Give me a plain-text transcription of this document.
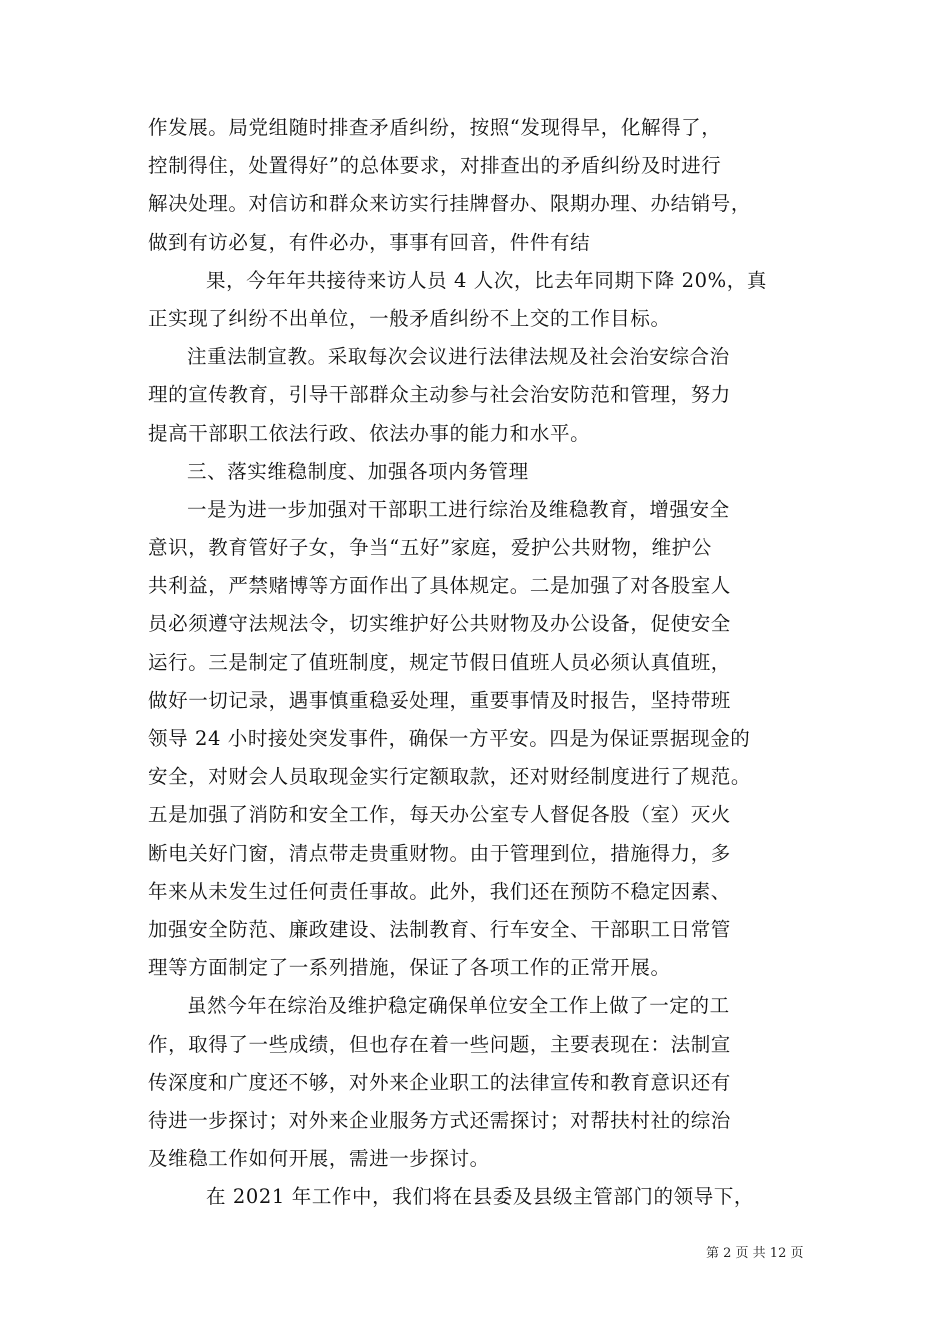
作发展。局党组随时排查矛盾纠纷，按照“发现得早，化解得了，
控制得住，处置得好”的总体要求，对排查出的矛盾纠纷及时进行
解决处理。对信访和群众来访实行挂牌督办、限期办理、办结销号，
做到有访必复，有件必办，事事有回音，件件有结
果，今年年共接待来访人员 4 人次，比去年同期下降 20%，真
正实现了纠纷不出单位，一般矛盾纠纷不上交的工作目标。
注重法制宣教。采取每次会议进行法律法规及社会治安综合治
理的宣传教育，引导干部群众主动参与社会治安防范和管理，努力
提高干部职工依法行政、依法办事的能力和水平。
三、落实维稳制度、加强各项内务管理
一是为进一步加强对干部职工进行综治及维稳教育，增强安全
意识，教育管好子女，争当“五好”家庭，爱护公共财物，维护公
共利益，严禁赌博等方面作出了具体规定。二是加强了对各股室人
员必须遵守法规法令，切实维护好公共财物及办公设备，促使安全
运行。三是制定了值班制度，规定节假日值班人员必须认真值班，
做好一切记录，遇事慎重稳妥处理，重要事情及时报告，坚持带班
领导 24 小时接处突发事件，确保一方平安。四是为保证票据现金的
安全，对财会人员取现金实行定额取款，还对财经制度进行了规范。
五是加强了消防和安全工作，每天办公室专人督促各股（室）灭火
断电关好门窗，清点带走贵重财物。由于管理到位，措施得力，多
年来从未发生过任何责任事故。此外，我们还在预防不稳定因素、
加强安全防范、廉政建设、法制教育、行车安全、干部职工日常管
理等方面制定了一系列措施，保证了各项工作的正常开展。
虽然今年在综治及维护稳定确保单位安全工作上做了一定的工
作，取得了一些成绩，但也存在着一些问题，主要表现在：法制宣
传深度和广度还不够，对外来企业职工的法律宣传和教育意识还有
待进一步探讨；对外来企业服务方式还需探讨；对帮扶村社的综治
及维稳工作如何开展，需进一步探讨。
在 2021 年工作中，我们将在县委及县级主管部门的领导下，
第 2 页 共 12 页
